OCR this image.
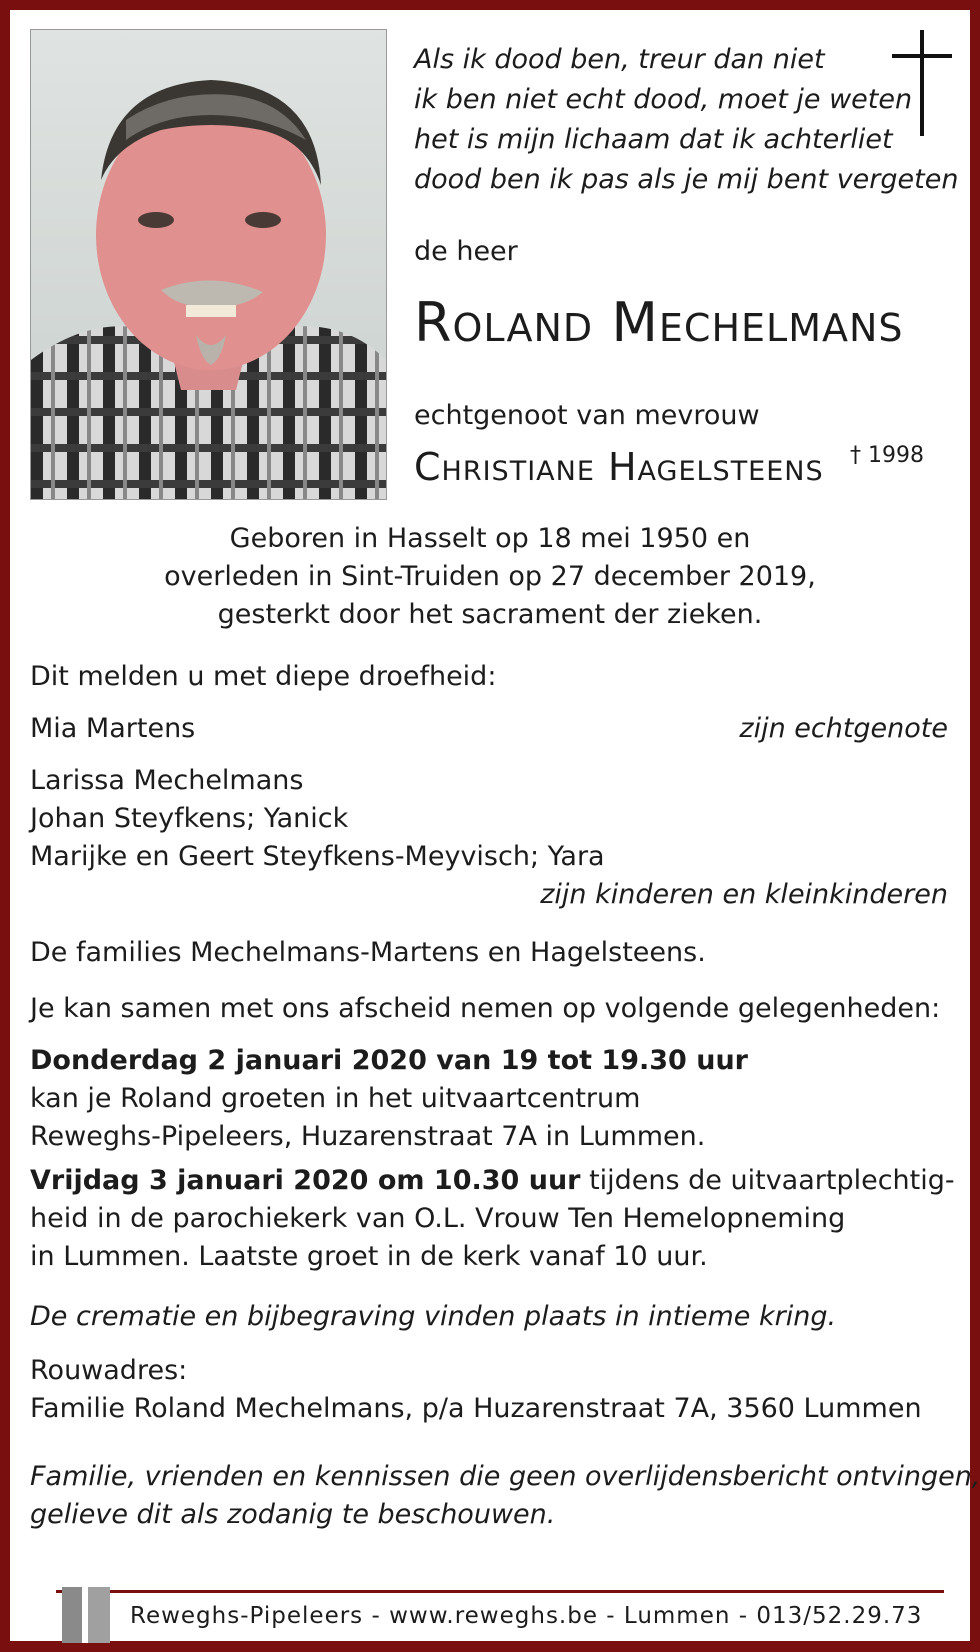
Als ik dood ben, treur dan niet
ik ben niet echt dood, moet je weten
het is mijn lichaam dat ik achterliet
dood ben ik pas als je mij bent vergeten
de heer
Roland Mechelmans
echtgenoot van mevrouw
Christiane Hagelsteens † 1998
Geboren in Hasselt op 18 mei 1950 en
overleden in Sint-Truiden op 27 december 2019,
gesterkt door het sacrament der zieken.
Dit melden u met diepe droefheid:
Mia Martens	zijn echtgenote
Larissa Mechelmans
Johan Steyfkens; Yanick
Marijke en Geert Steyfkens-Meyvisch; Yara
zijn kinderen en kleinkinderen
De families Mechelmans-Martens en Hagelsteens.
Je kan samen met ons afscheid nemen op volgende gelegenheden:
Donderdag 2 januari 2020 van 19 tot 19.30 uur
kan je Roland groeten in het uitvaartcentrum
Reweghs-Pipeleers, Huzarenstraat 7A in Lummen.
Vrijdag 3 januari 2020 om 10.30 uur tijdens de uitvaartplechtig-
heid in de parochiekerk van O.L. Vrouw Ten Hemelopneming
in Lummen. Laatste groet in de kerk vanaf 10 uur.
De crematie en bijbegraving vinden plaats in intieme kring.
Rouwadres:
Familie Roland Mechelmans, p/a Huzarenstraat 7A, 3560 Lummen
Familie, vrienden en kennissen die geen overlijdensbericht ontvingen,
gelieve dit als zodanig te beschouwen.
Reweghs-Pipeleers - www.reweghs.be - Lummen - 013/52.29.73
